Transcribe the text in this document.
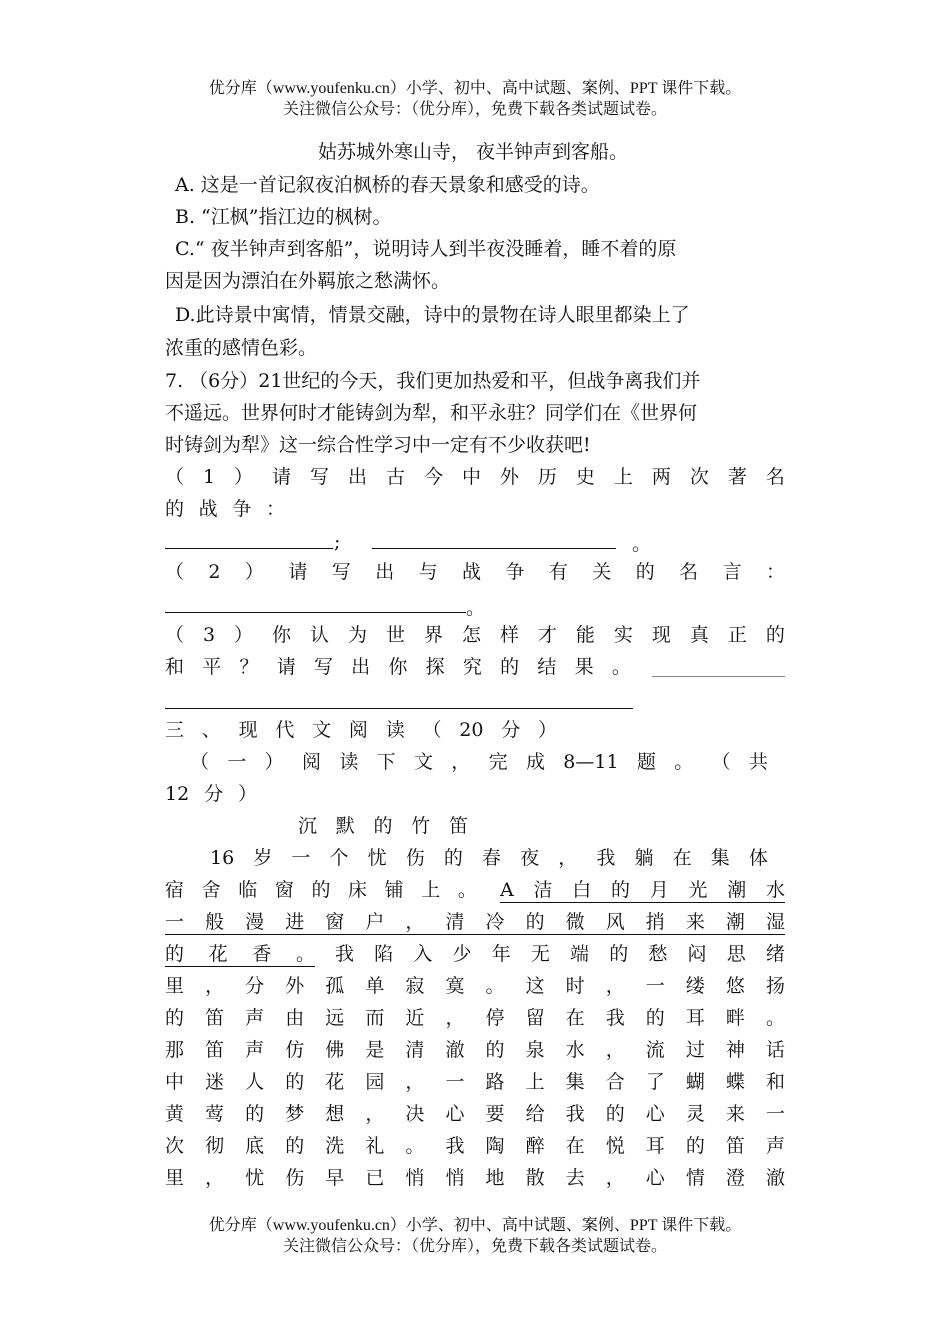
优分库（www.youfenku.cn）小学、初中、高中试题、案例、PPT 课件下载。
关注微信公众号：（优分库），免费下载各类试题试卷。
姑苏城外寒山寺， 夜半钟声到客船。
A. 这是一首记叙夜泊枫桥的春天景象和感受的诗。
B. “江枫”指江边的枫树。
C.“ 夜半钟声到客船”，说明诗人到半夜没睡着，睡不着的原
因是因为漂泊在外羁旅之愁满怀。
D.此诗景中寓情，情景交融，诗中的景物在诗人眼里都染上了
浓重的感情色彩。
7. （6分）21世纪的今天，我们更加热爱和平，但战争离我们并
不遥远。世界何时才能铸剑为犁，和平永驻？同学们在《世界何
时铸剑为犁》这一综合性学习中一定有不少收获吧!
（ 1 ） 请 写 出 古 今 中 外 历 史 上 两 次 著 名
的 战 争 ：
;	。
（ 2 ） 请 写 出 与 战 争 有 关 的 名 言 ：
。
（ 3 ） 你 认 为 世 界 怎 样 才 能 实 现 真 正 的
和 平 ？ 请 写 出 你 探 究 的 结 果 。
三 、 现 代 文 阅 读 （ 20 分 ）
（ 一 ） 阅 读 下 文 ， 完 成 8—11 题 。 （ 共
12 分 ）
沉 默 的 竹 笛
16 岁 一 个 忧 伤 的 春 夜 ， 我 躺 在 集 体
宿 舍 临 窗 的 床 铺 上 。 A 洁 白 的 月 光 潮 水
一 般 漫 进 窗 户 ， 清 冷 的 微 风 捎 来 潮 湿
的 花 香 。 我 陷 入 少 年 无 端 的 愁 闷 思 绪
里 ， 分 外 孤 单 寂 寞 。 这 时 ， 一 缕 悠 扬
的 笛 声 由 远 而 近 ， 停 留 在 我 的 耳 畔 。
那 笛 声 仿 佛 是 清 澈 的 泉 水 ， 流 过 神 话
中 迷 人 的 花 园 ， 一 路 上 集 合 了 蝴 蝶 和
黄 莺 的 梦 想 ， 决 心 要 给 我 的 心 灵 来 一
次 彻 底 的 洗 礼 。 我 陶 醉 在 悦 耳 的 笛 声
里 ， 忧 伤 早 已 悄 悄 地 散 去 ， 心 情 澄 澈
优分库（www.youfenku.cn）小学、初中、高中试题、案例、PPT 课件下载。
关注微信公众号：（优分库），免费下载各类试题试卷。
